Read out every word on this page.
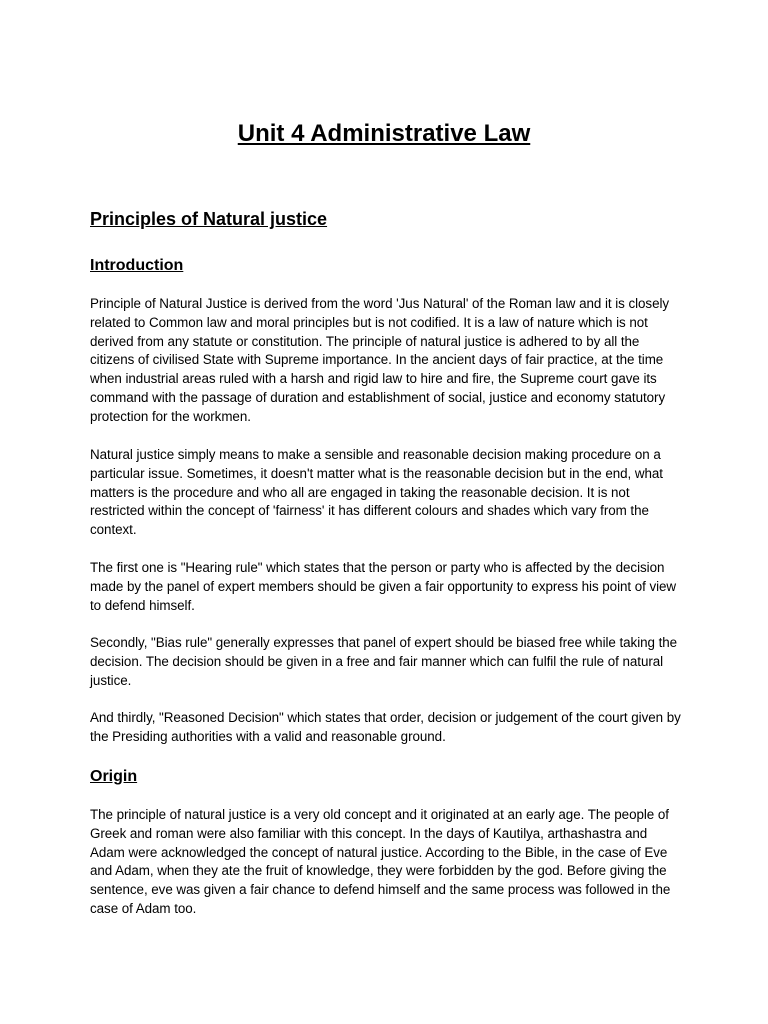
Unit 4 Administrative Law
Principles of Natural justice
Introduction

Principle of Natural Justice is derived from the word 'Jus Natural' of the Roman law and it is closely related to Common law and moral principles but is not codified. It is a law of nature which is not derived from any statute or constitution. The principle of natural justice is adhered to by all the citizens of civilised State with Supreme importance. In the ancient days of fair practice, at the time when industrial areas ruled with a harsh and rigid law to hire and fire, the Supreme court gave its command with the passage of duration and establishment of social, justice and economy statutory protection for the workmen.

Natural justice simply means to make a sensible and reasonable decision making procedure on a particular issue. Sometimes, it doesn't matter what is the reasonable decision but in the end, what matters is the procedure and who all are engaged in taking the reasonable decision. It is not restricted within the concept of 'fairness' it has different colours and shades which vary from the context.

The first one is "Hearing rule" which states that the person or party who is affected by the decision made by the panel of expert members should be given a fair opportunity to express his point of view to defend himself.

Secondly, "Bias rule" generally expresses that panel of expert should be biased free while taking the decision. The decision should be given in a free and fair manner which can fulfil the rule of natural justice.

And thirdly, "Reasoned Decision" which states that order, decision or judgement of the court given by the Presiding authorities with a valid and reasonable ground.

Origin

The principle of natural justice is a very old concept and it originated at an early age. The people of Greek and roman were also familiar with this concept. In the days of Kautilya, arthashastra and Adam were acknowledged the concept of natural justice. According to the Bible, in the case of Eve and Adam, when they ate the fruit of knowledge, they were forbidden by the god. Before giving the sentence, eve was given a fair chance to defend himself and the same process was followed in the case of Adam too.
